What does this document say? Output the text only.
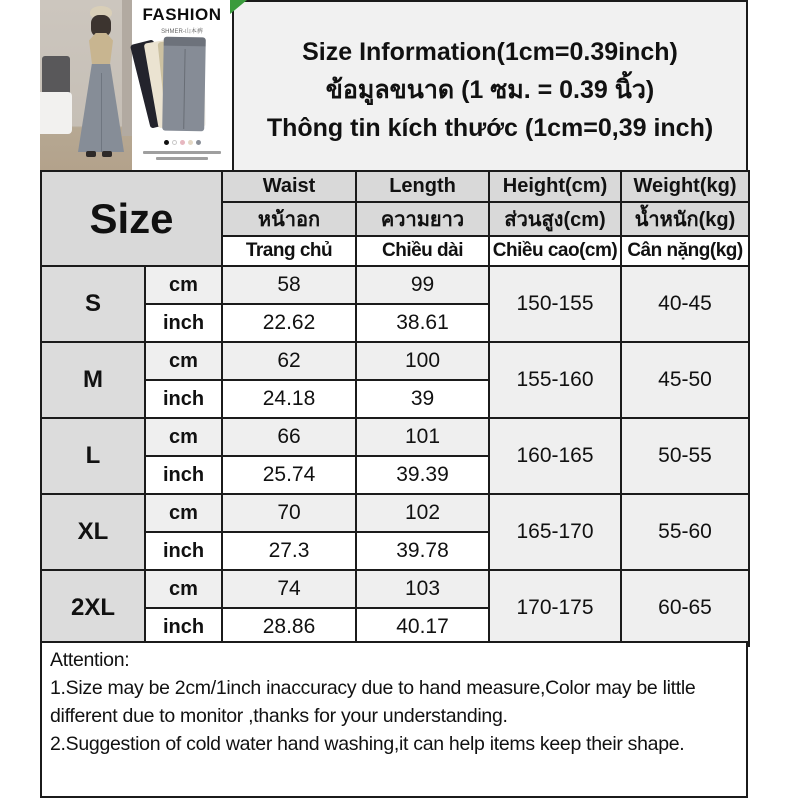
FASHION
SHMER-山本裤
Size Information(1cm=0.39inch)
ข้อมูลขนาด (1 ซม. = 0.39 นิ้ว)
Thông tin kích thước (1cm=0,39 inch)
Size		Waist	Length	Height(cm)	Weight(kg)
		หน้าอก	ความยาว	ส่วนสูง(cm)	น้ำหนัก(kg)
		Trang chủ	Chiều dài	Chiều cao(cm)	Cân nặng(kg)
S	cm	58	99	150-155	40-45
	inch	22.62	38.61		
M	cm	62	100	155-160	45-50
	inch	24.18	39		
L	cm	66	101	160-165	50-55
	inch	25.74	39.39		
XL	cm	70	102	165-170	55-60
	inch	27.3	39.78		
2XL	cm	74	103	170-175	60-65
	inch	28.86	40.17		
Attention:
1.Size may be 2cm/1inch inaccuracy due to hand measure,Color may be little different due to monitor ,thanks for your understanding.
2.Suggestion of cold water hand washing,it can help items keep their shape.
